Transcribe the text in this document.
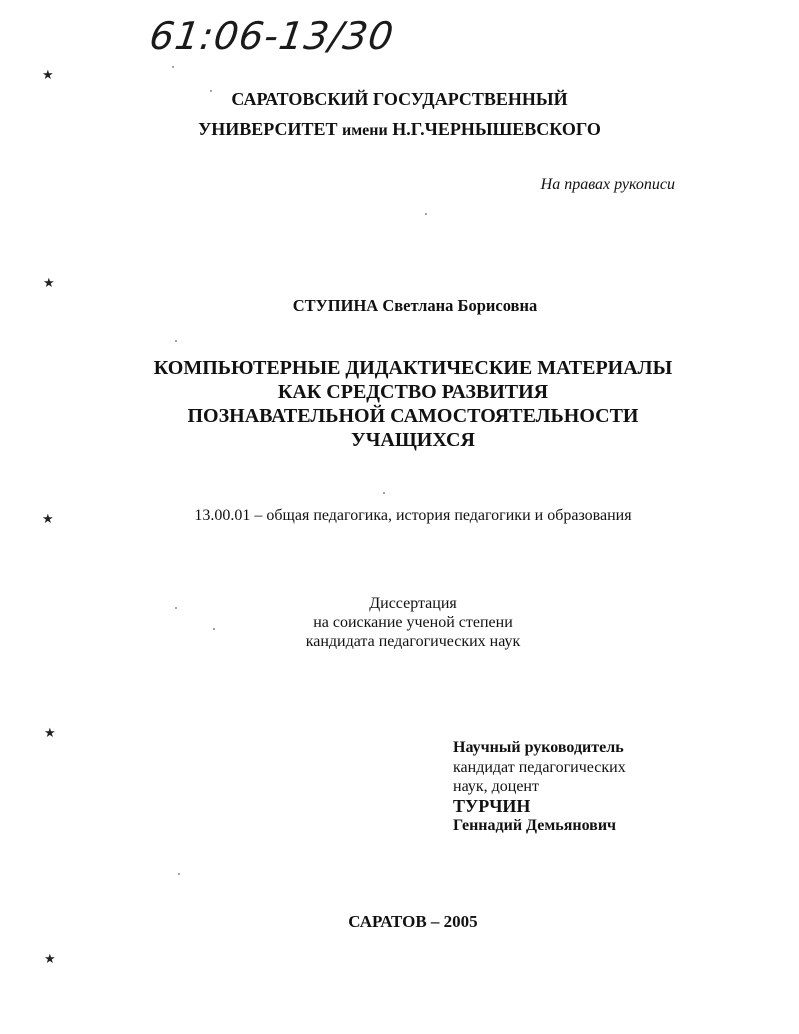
61:06-13/30
САРАТОВСКИЙ ГОСУДАРСТВЕННЫЙ
УНИВЕРСИТЕТ имени Н.Г.ЧЕРНЫШЕВСКОГО
На правах рукописи
СТУПИНА Светлана Борисовна
КОМПЬЮТЕРНЫЕ ДИДАКТИЧЕСКИЕ МАТЕРИАЛЫ
КАК СРЕДСТВО РАЗВИТИЯ
ПОЗНАВАТЕЛЬНОЙ САМОСТОЯТЕЛЬНОСТИ
УЧАЩИХСЯ
13.00.01 – общая педагогика, история педагогики и образования
Диссертация
на соискание ученой степени
кандидата педагогических наук
Научный руководитель
кандидат педагогических
наук, доцент
ТУРЧИН
Геннадий Демьянович
САРАТОВ – 2005
★
★
★
★
★
